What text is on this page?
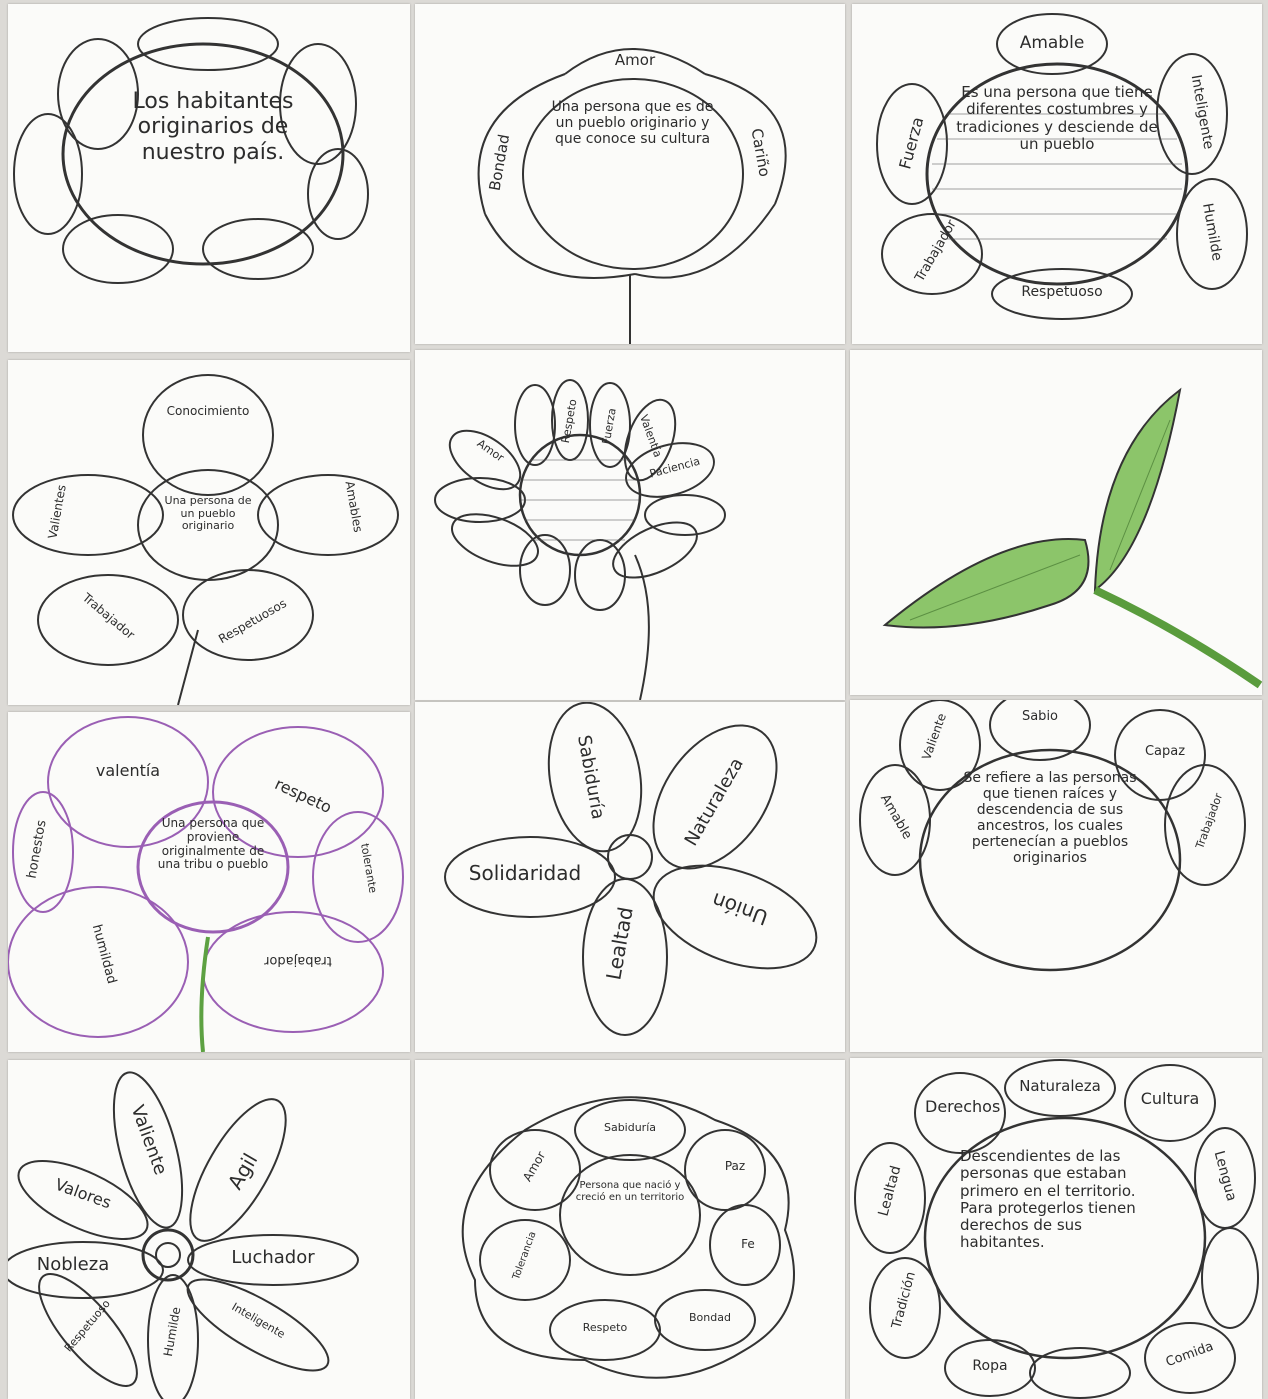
Los habitantes originarios de nuestro país.
Amor
Bondad	Cariño
Una persona que es de un pueblo originario y que conoce su cultura
Amable
Fuerza	Inteligente
Humilde
Trabajador
Respetuoso
Es una persona que tiene diferentes costumbres y tradiciones y desciende de un pueblo
Conocimiento
Valientes	Amables
Trabajador	Respetuosos
Una persona de un pueblo originario
Amor
Respeto Fuerza Valentía
Paciencia
Una persona que proviene originalmente de una tribu o pueblo
valentía
respeto
honestos
humildad	trabajador
tolerante
Sabiduría	Naturaleza
Solidaridad
Lealtad	Unión
Sabio
Valiente	Capaz
Amable	Trabajador
Se refiere a las personas que tienen raíces y descendencia de sus ancestros, los cuales pertenecían a pueblos originarios
Valiente	Agil
Luchador
Nobleza
Valores
Inteligente
Humilde
Respetuoso
Sabiduría
Amor	Paz
Fe
Bondad
Respeto
Tolerancia
Persona que nació y creció en un territorio
Derechos
Naturaleza
Cultura
Lealtad
Tradición
Lengua
Ropa	Comida
Descendientes de las personas que estaban primero en el territorio. Para protegerlos tienen derechos de sus habitantes.
